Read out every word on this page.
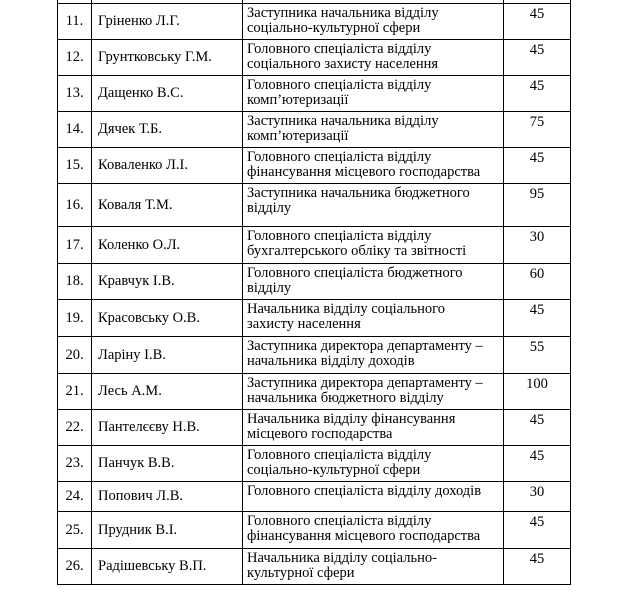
11.	Гріненко Л.Г.	Заступника начальника відділу
соціально-культурної сфери	45
12.	Грунтковську Г.М.	Головного спеціаліста відділу
соціального захисту населення	45
13.	Дащенко В.С.	Головного спеціаліста відділу
комп’ютеризації	45
14.	Дячек Т.Б.	Заступника начальника відділу
комп’ютеризації	75
15.	Коваленко Л.І.	Головного спеціаліста відділу
фінансування місцевого господарства	45
16.	Коваля Т.М.	Заступника начальника бюджетного
відділу	95
17.	Коленко О.Л.	Головного спеціаліста відділу
бухгалтерського обліку та звітності	30
18.	Кравчук І.В.	Головного спеціаліста бюджетного
відділу	60
19.	Красовську О.В.	Начальника відділу соціального
захисту населення	45
20.	Ларіну І.В.	Заступника директора департаменту –
начальника відділу доходів	55
21.	Лесь А.М.	Заступника директора департаменту –
начальника бюджетного відділу	100
22.	Пантелєєву Н.В.	Начальника відділу фінансування
місцевого господарства	45
23.	Панчук В.В.	Головного спеціаліста відділу
соціально-культурної сфери	45
24.	Попович Л.В.	Головного спеціаліста відділу доходів	30
25.	Прудник В.І.	Головного спеціаліста відділу
фінансування місцевого господарства	45
26.	Радішевську В.П.	Начальника відділу соціально-
культурної сфери	45
